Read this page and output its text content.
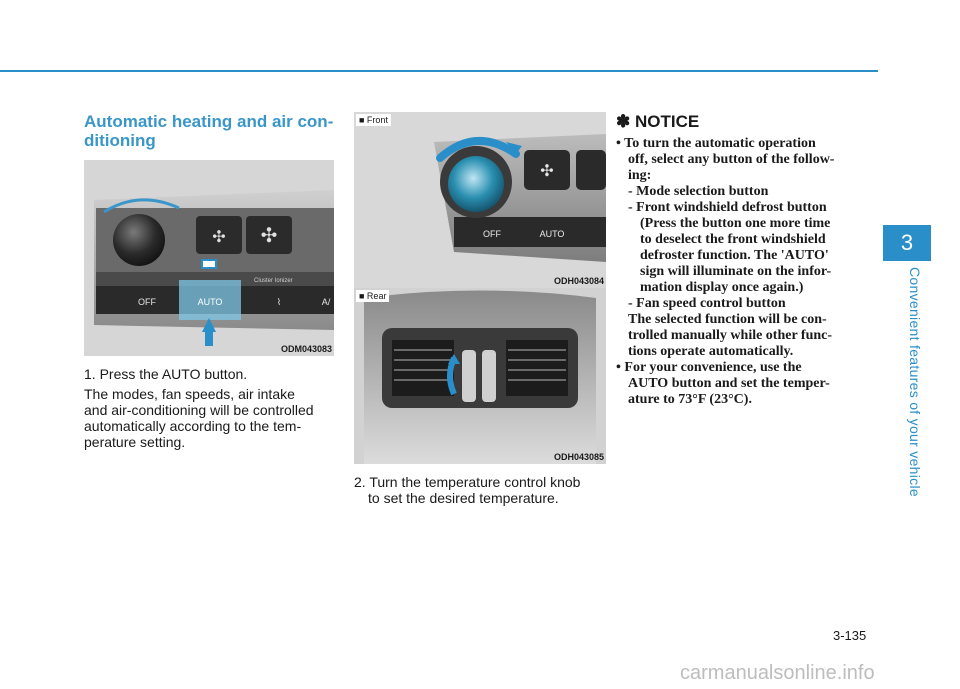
3
Convenient features of your vehicle
Automatic heating and air con-
ditioning
✣ ✣
Cluster Ionizer
OFF	AUTO	⌇	A/
ODM043083

1. Press the AUTO button.

The modes, fan speeds, air intake
and air-conditioning will be controlled
automatically according to the tem-
perature setting.

✣
OFF	AUTO
■ Front
ODH043084
■ Rear
ODH043085

2. Turn the temperature control knob
to set the desired temperature.

✽ NOTICE
• To turn the automatic operation
off, select any button of the follow-
ing:
- Mode selection button
- Front windshield defrost button
(Press the button one more time
to deselect the front windshield
defroster function. The 'AUTO'
sign will illuminate on the infor-
mation display once again.)
- Fan speed control button
The selected function will be con-
trolled manually while other func-
tions operate automatically.
• For your convenience, use the
AUTO button and set the temper-
ature to 73°F (23°C).
3-135
carmanualsonline.info
